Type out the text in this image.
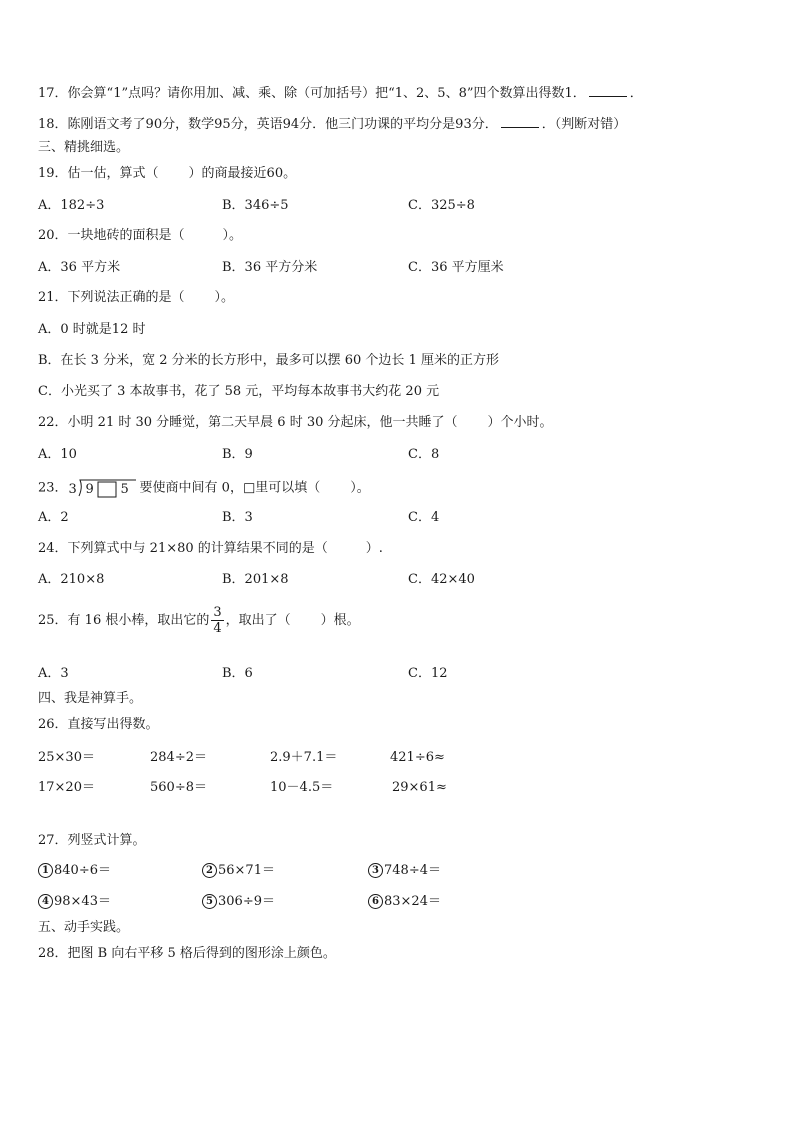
17．你会算“1”点吗？请你用加、减、乘、除（可加括号）把“1、2、5、8”四个数算出得数1．	．
18．陈刚语文考了90分，数学95分，英语94分．他三门功课的平均分是93分．	．（判断对错）
三、精挑细选。
19．估一估，算式（ ）的商最接近60。
A．182÷3	B．346÷5	C．325÷8
20．一块地砖的面积是（	）。
A．36 平方米	B．36 平方分米	C．36 平方厘米
21．下列说法正确的是（ ）。
A．0 时就是12 时
B．在长 3 分米，宽 2 分米的长方形中，最多可以摆 60 个边长 1 厘米的正方形
C．小光买了 3 本故事书，花了 58 元，平均每本故事书大约花 20 元
22．小明 21 时 30 分睡觉，第二天早晨 6 时 30 分起床，他一共睡了（ ）个小时。
A．10	B．9	C．8
23． 3 9 5 要使商中间有 0，□里可以填（ ）。
A．2	B．3	C．4
24．下列算式中与 21×80 的计算结果不同的是（	）.
A．210×8	B．201×8	C．42×40
25．有 16 根小棒，取出它的 $\frac{3}{4}$ ，取出了（ ）根。
A．3	B．6	C．12
四、我是神算手。
26．直接写出得数。
25×30＝	284÷2＝	2.9＋7.1＝	421÷6≈
17×20＝	560÷8＝	10－4.5＝	29×61≈
27．列竖式计算。
1 840÷6＝	2 56×71＝	3 748÷4＝
4 98×43＝	5 306÷9＝	6 83×24＝
五、动手实践。
28．把图 B 向右平移 5 格后得到的图形涂上颜色。
